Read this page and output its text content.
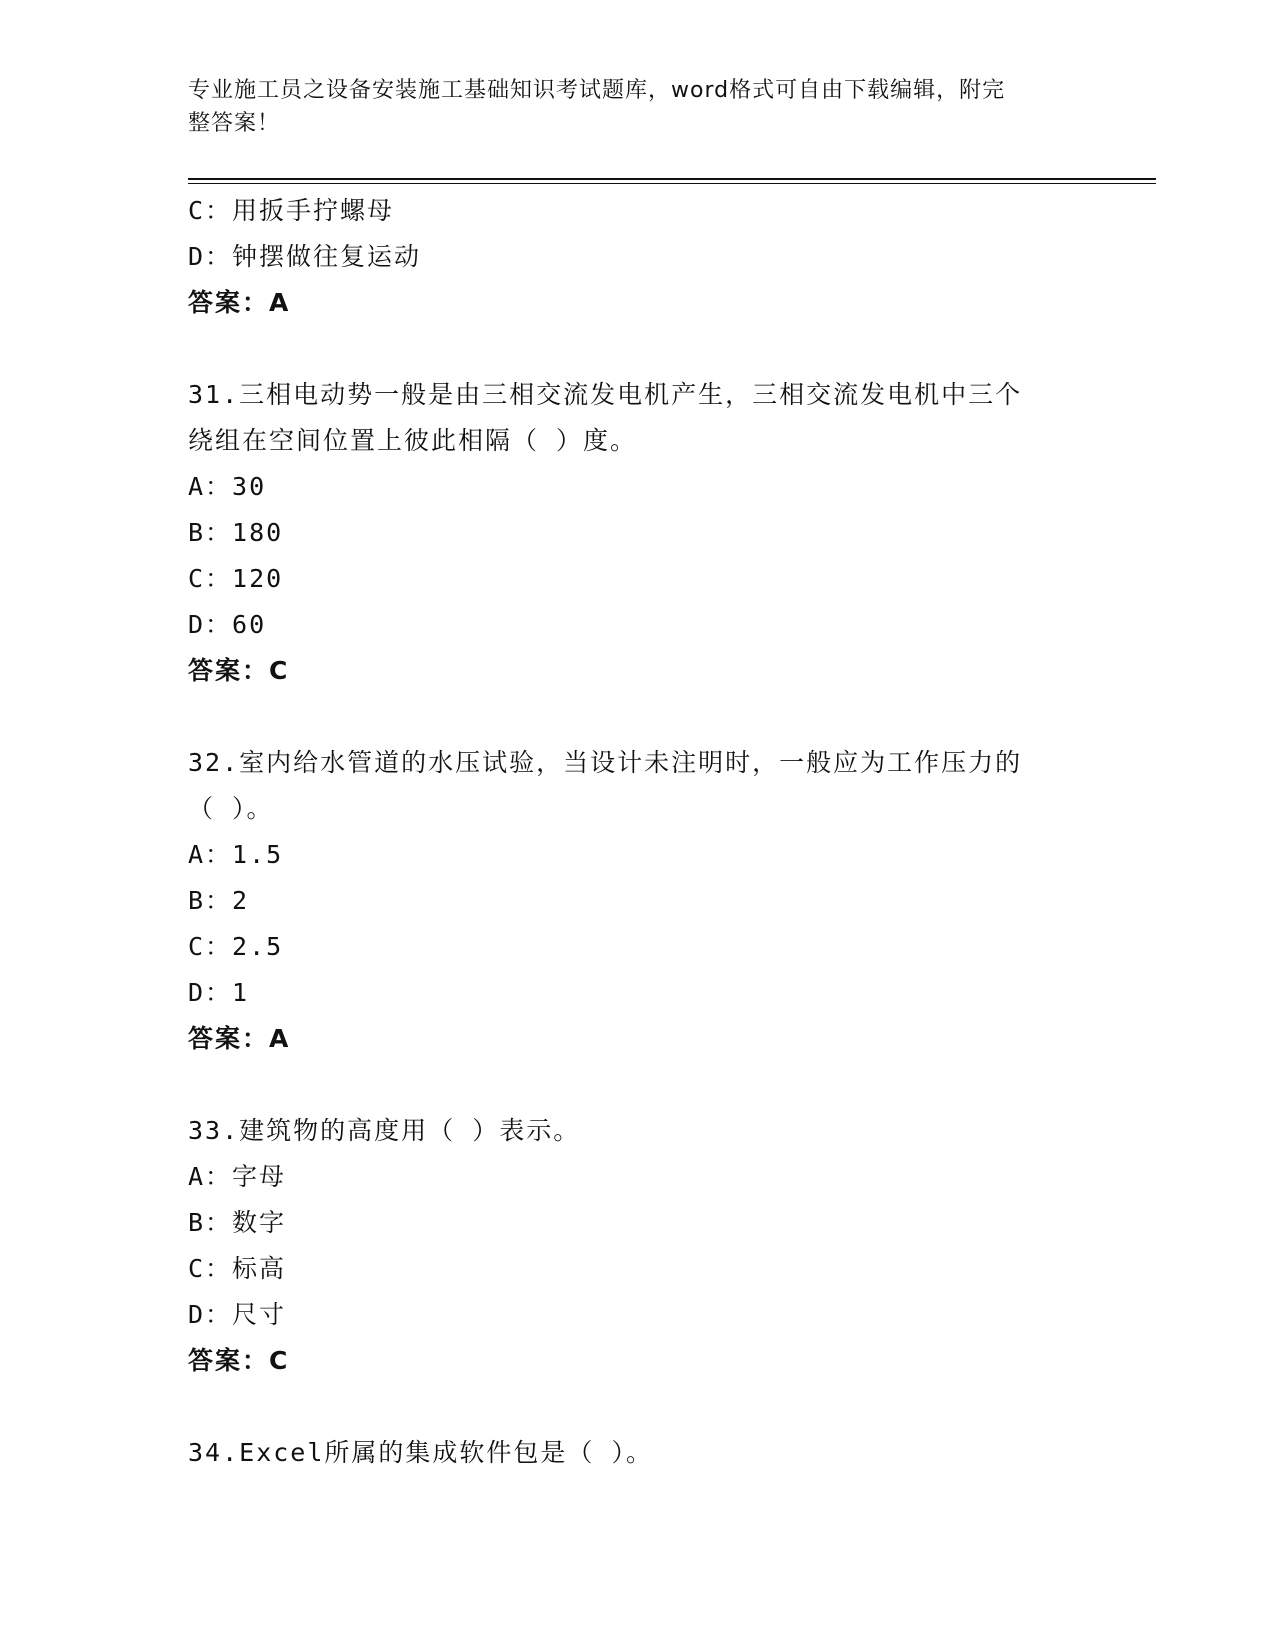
专业施工员之设备安装施工基础知识考试题库，word格式可自由下载编辑，附完
整答案！
C：用扳手拧螺母
D：钟摆做往复运动
答案：A
31.三相电动势一般是由三相交流发电机产生，三相交流发电机中三个
绕组在空间位置上彼此相隔（ ）度。
A：30
B：180
C：120
D：60
答案：C
32.室内给水管道的水压试验，当设计未注明时，一般应为工作压力的
（ ）。
A：1.5
B：2
C：2.5
D：1
答案：A
33.建筑物的高度用（ ）表示。
A：字母
B：数字
C：标高
D：尺寸
答案：C
34.Excel所属的集成软件包是（ ）。
